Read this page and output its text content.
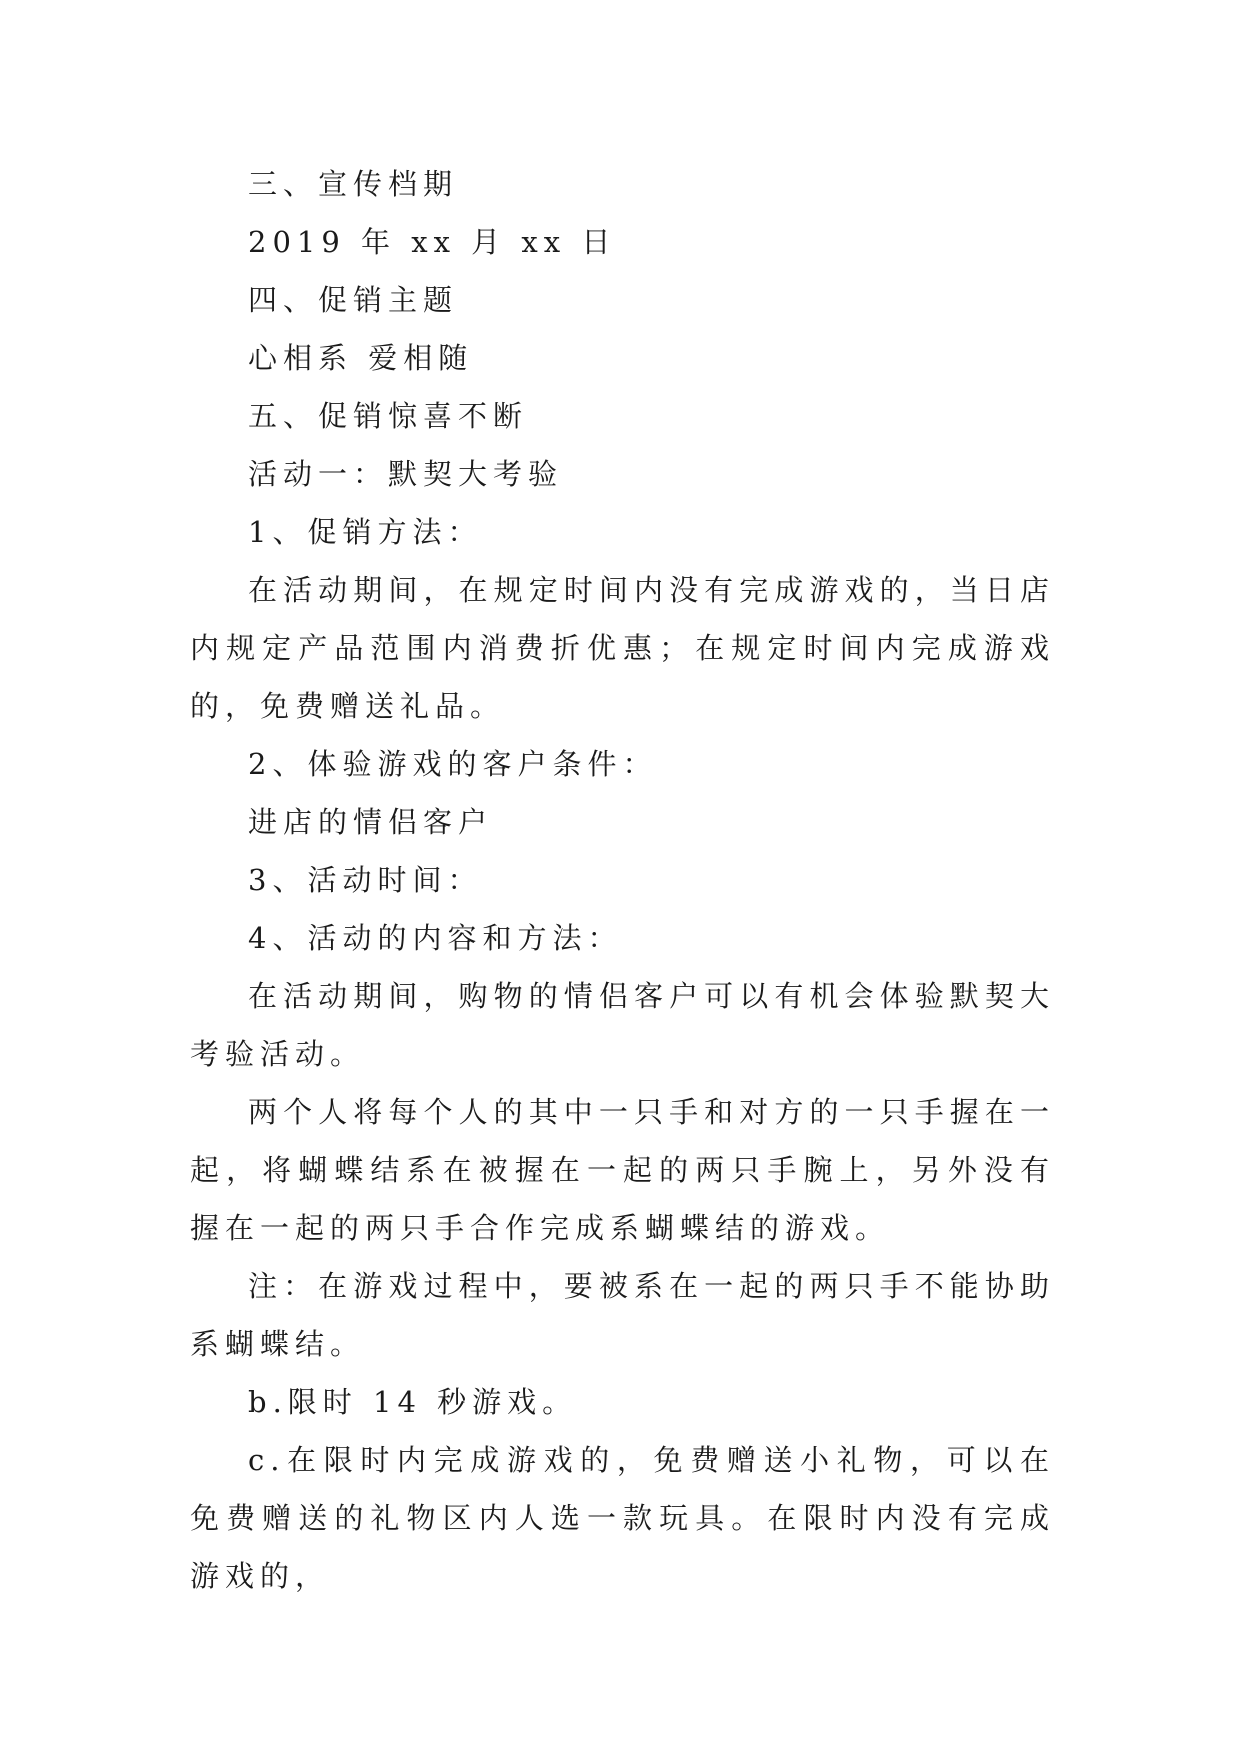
三、宣传档期

2019 年 xx 月 xx 日

四、促销主题

心相系 爱相随

五、促销惊喜不断

活动一：默契大考验

1、促销方法：

在活动期间，在规定时间内没有完成游戏的，当日店内规定产品范围内消费折优惠；在规定时间内完成游戏的，免费赠送礼品。

2、体验游戏的客户条件：

进店的情侣客户

3、活动时间：

4、活动的内容和方法：

在活动期间，购物的情侣客户可以有机会体验默契大考验活动。

两个人将每个人的其中一只手和对方的一只手握在一起，将蝴蝶结系在被握在一起的两只手腕上，另外没有握在一起的两只手合作完成系蝴蝶结的游戏。

注：在游戏过程中，要被系在一起的两只手不能协助系蝴蝶结。

b.限时 14 秒游戏。

c.在限时内完成游戏的，免费赠送小礼物，可以在免费赠送的礼物区内人选一款玩具。在限时内没有完成游戏的，
